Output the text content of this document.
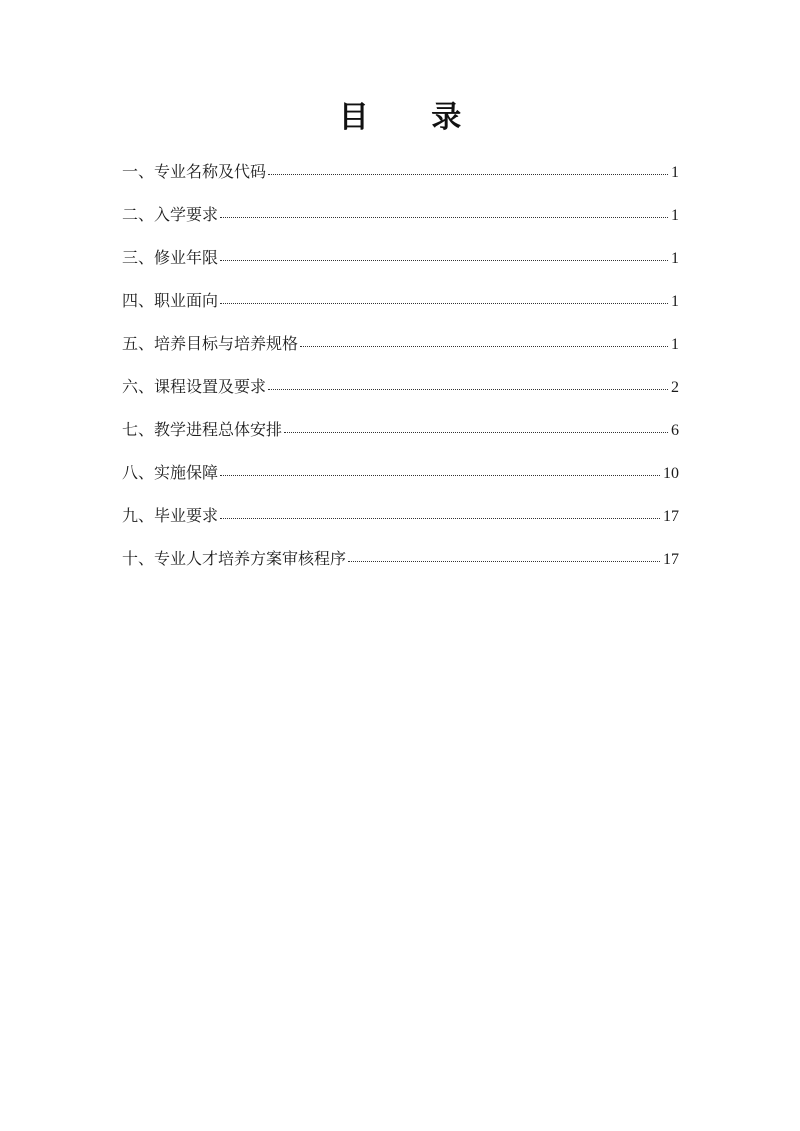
目 录
一、专业名称及代码	1
二、入学要求	1
三、修业年限	1
四、职业面向	1
五、培养目标与培养规格	1
六、课程设置及要求	2
七、教学进程总体安排	6
八、实施保障	10
九、毕业要求	17
十、专业人才培养方案审核程序	17
